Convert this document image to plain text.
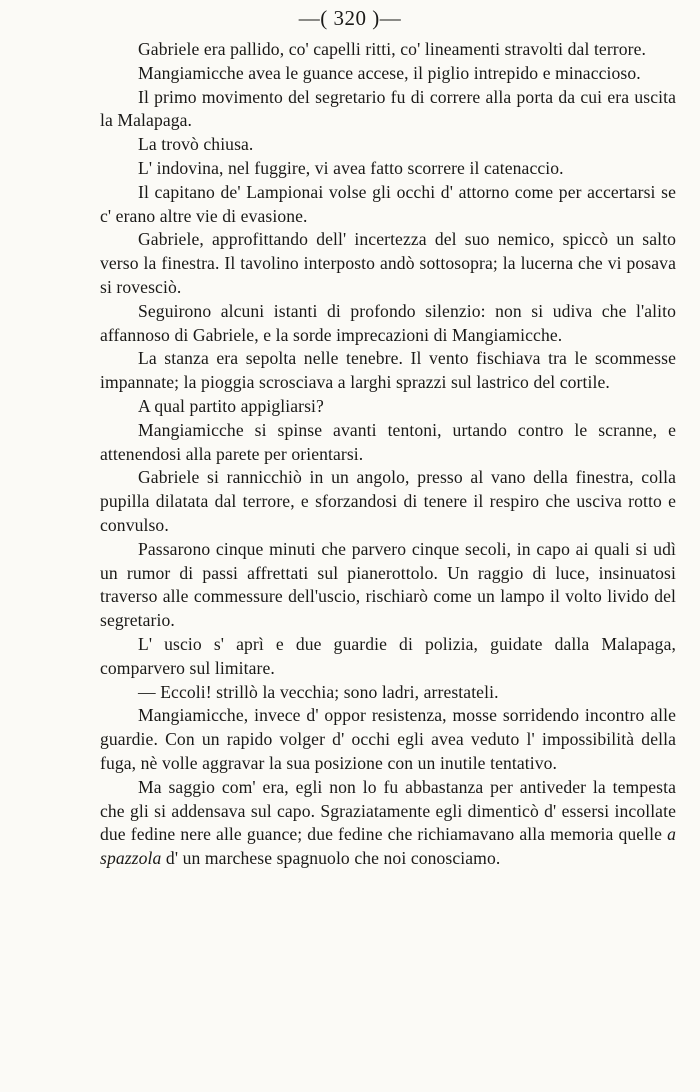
—( 320 )—

Gabriele era pallido, co' capelli ritti, co' lineamenti stravolti dal terrore.

Mangiamicche avea le guance accese, il piglio intrepido e minaccioso.

Il primo movimento del segretario fu di correre alla porta da cui era uscita la Malapaga.

La trovò chiusa.

L' indovina, nel fuggire, vi avea fatto scorrere il catenaccio.

Il capitano de' Lampionai volse gli occhi d' attorno come per accertarsi se c' erano altre vie di evasione.

Gabriele, approfittando dell' incertezza del suo nemico, spiccò un salto verso la finestra. Il tavolino interposto andò sottosopra; la lucerna che vi posava si rovesciò.

Seguirono alcuni istanti di profondo silenzio: non si udiva che l'alito affannoso di Gabriele, e la sorde imprecazioni di Mangiamicche.

La stanza era sepolta nelle tenebre. Il vento fischiava tra le scommesse impannate; la pioggia scrosciava a larghi sprazzi sul lastrico del cortile.

A qual partito appigliarsi?

Mangiamicche si spinse avanti tentoni, urtando contro le scranne, e attenendosi alla parete per orientarsi.

Gabriele si rannicchiò in un angolo, presso al vano della finestra, colla pupilla dilatata dal terrore, e sforzandosi di tenere il respiro che usciva rotto e convulso.

Passarono cinque minuti che parvero cinque secoli, in capo ai quali si udì un rumor di passi affrettati sul pianerottolo. Un raggio di luce, insinuatosi traverso alle commessure dell'uscio, rischiarò come un lampo il volto livido del segretario.

L' uscio s' aprì e due guardie di polizia, guidate dalla Malapaga, comparvero sul limitare.

— Eccoli! strillò la vecchia; sono ladri, arrestateli.

Mangiamicche, invece d' oppor resistenza, mosse sorridendo incontro alle guardie. Con un rapido volger d' occhi egli avea veduto l' impossibilità della fuga, nè volle aggravar la sua posizione con un inutile tentativo.

Ma saggio com' era, egli non lo fu abbastanza per antiveder la tempesta che gli si addensava sul capo. Sgraziatamente egli dimenticò d' essersi incollate due fedine nere alle guance; due fedine che richiamavano alla memoria quelle a spazzola d' un marchese spagnuolo che noi conosciamo.
